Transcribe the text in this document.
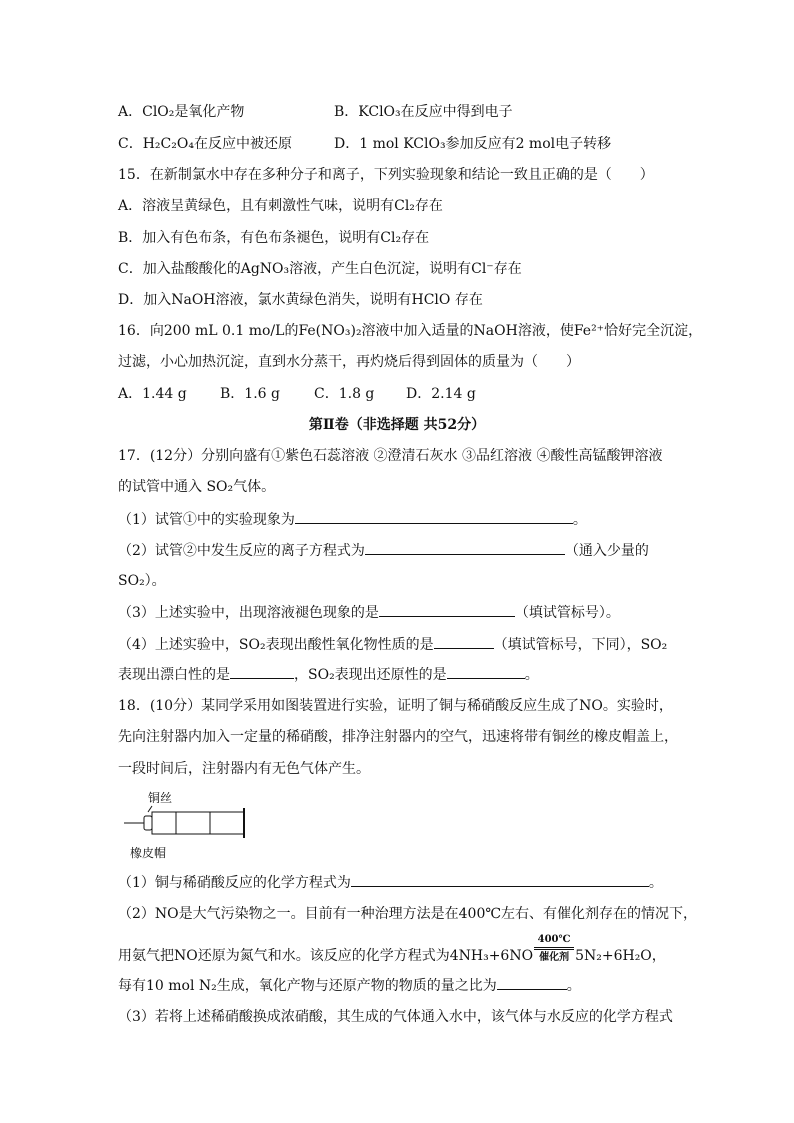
A．ClO₂是氧化产物	B．KClO₃在反应中得到电子
C．H₂C₂O₄在反应中被还原	D．1 mol KClO₃参加反应有2 mol电子转移
15．在新制氯水中存在多种分子和离子，下列实验现象和结论一致且正确的是（　　）
A．溶液呈黄绿色，且有刺激性气味，说明有Cl₂存在
B．加入有色布条，有色布条褪色，说明有Cl₂存在
C．加入盐酸酸化的AgNO₃溶液，产生白色沉淀，说明有Cl⁻存在
D．加入NaOH溶液，氯水黄绿色消失，说明有HClO 存在
16．向200 mL 0.1 mo/L的Fe(NO₃)₂溶液中加入适量的NaOH溶液，使Fe²⁺恰好完全沉淀，
过滤，小心加热沉淀，直到水分蒸干，再灼烧后得到固体的质量为（　　）
A．1.44 g B．1.6 g C．1.8 g D．2.14 g
第Ⅱ卷（非选择题 共52分）
17．(12分）分别向盛有①紫色石蕊溶液 ②澄清石灰水 ③品红溶液 ④酸性高锰酸钾溶液
的试管中通入 SO₂气体。
（1）试管①中的实验现象为	。
（2）试管②中发生反应的离子方程式为	（通入少量的
SO₂）。
（3）上述实验中，出现溶液褪色现象的是	（填试管标号）。
（4）上述实验中，SO₂表现出酸性氧化物性质的是	（填试管标号，下同），SO₂
表现出漂白性的是	，SO₂表现出还原性的是	。
18．(10分）某同学采用如图装置进行实验，证明了铜与稀硝酸反应生成了NO。实验时，
先向注射器内加入一定量的稀硝酸，排净注射器内的空气，迅速将带有铜丝的橡皮帽盖上，
一段时间后，注射器内有无色气体产生。
铜丝
橡皮帽
（1）铜与稀硝酸反应的化学方程式为	。
（2）NO是大气污染物之一。目前有一种治理方法是在400℃左右、有催化剂存在的情况下，
用氨气把NO还原为氮气和水。该反应的化学方程式为$4NH_3+6NO \frac{400℃}{\text{催化剂}} 5N_2+6H_2O$，
每有10 mol N₂生成，氧化产物与还原产物的物质的量之比为	。
（3）若将上述稀硝酸换成浓硝酸，其生成的气体通入水中，该气体与水反应的化学方程式
